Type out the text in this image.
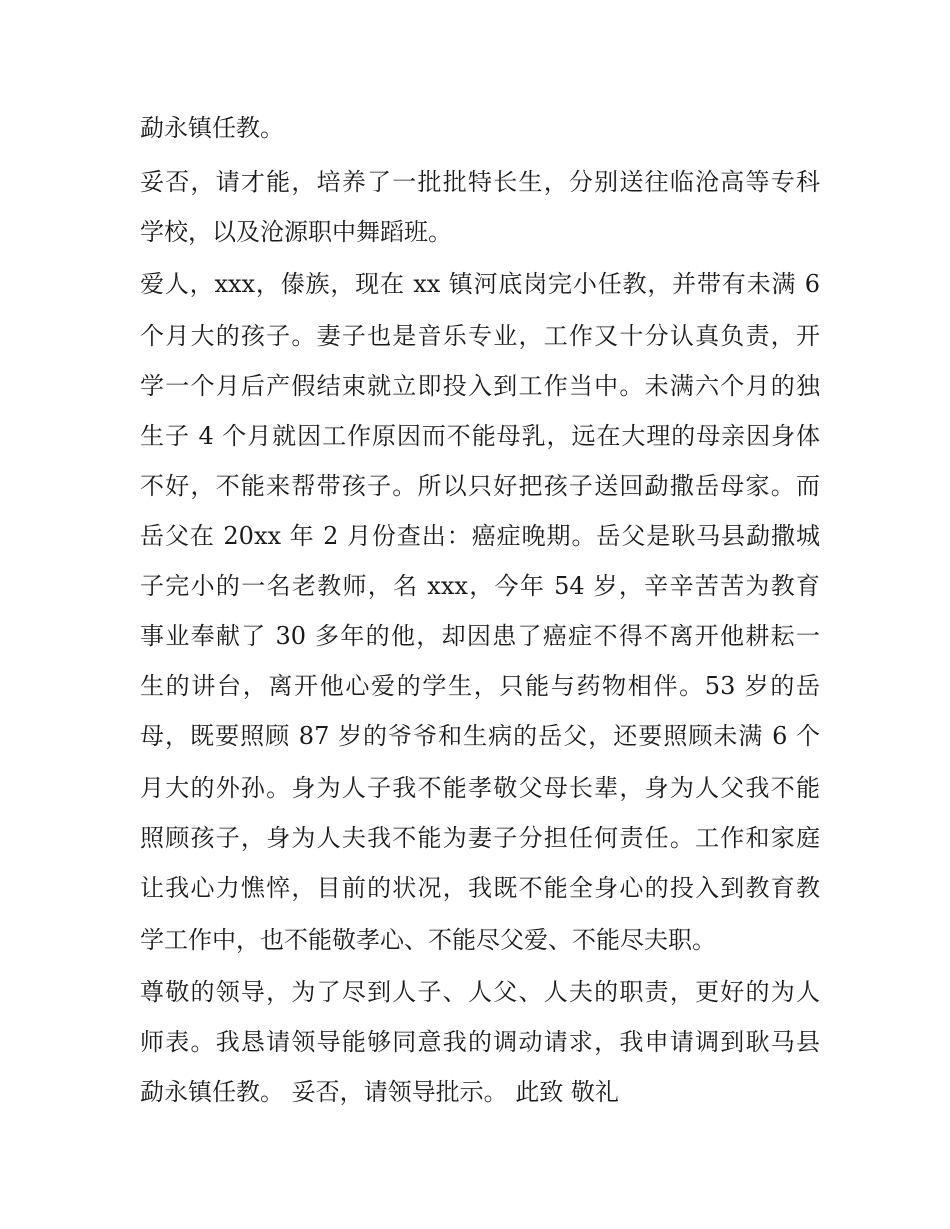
勐永镇任教。
妥否，请才能，培养了一批批特长生，分别送往临沧高等专科
学校，以及沧源职中舞蹈班。
爱人，xxx，傣族，现在 xx 镇河底岗完小任教，并带有未满 6
个月大的孩子。妻子也是音乐专业，工作又十分认真负责，开
学一个月后产假结束就立即投入到工作当中。未满六个月的独
生子 4 个月就因工作原因而不能母乳，远在大理的母亲因身体
不好，不能来帮带孩子。所以只好把孩子送回勐撒岳母家。而
岳父在 20xx 年 2 月份查出：癌症晚期。岳父是耿马县勐撒城
子完小的一名老教师，名 xxx，今年 54 岁，辛辛苦苦为教育
事业奉献了 30 多年的他，却因患了癌症不得不离开他耕耘一
生的讲台，离开他心爱的学生，只能与药物相伴。53 岁的岳
母，既要照顾 87 岁的爷爷和生病的岳父，还要照顾未满 6 个
月大的外孙。身为人子我不能孝敬父母长辈，身为人父我不能
照顾孩子，身为人夫我不能为妻子分担任何责任。工作和家庭
让我心力憔悴，目前的状况，我既不能全身心的投入到教育教
学工作中，也不能敬孝心、不能尽父爱、不能尽夫职。
尊敬的领导，为了尽到人子、人父、人夫的职责，更好的为人
师表。我恳请领导能够同意我的调动请求，我申请调到耿马县
勐永镇任教。 妥否，请领导批示。 此致 敬礼
